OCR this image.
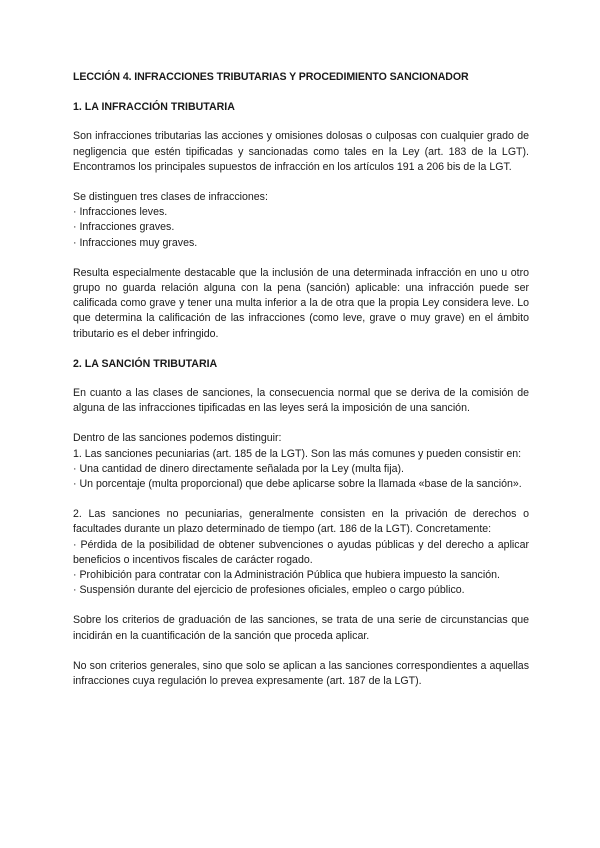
LECCIÓN 4. INFRACCIONES TRIBUTARIAS Y PROCEDIMIENTO SANCIONADOR
1. LA INFRACCIÓN TRIBUTARIA

Son infracciones tributarias las acciones y omisiones dolosas o culposas con cualquier grado de negligencia que estén tipificadas y sancionadas como tales en la Ley (art. 183 de la LGT). Encontramos los principales supuestos de infracción en los artículos 191 a 206 bis de la LGT.

Se distinguen tres clases de infracciones:

· Infracciones leves.

· Infracciones graves.

· Infracciones muy graves.

Resulta especialmente destacable que la inclusión de una determinada infracción en uno u otro grupo no guarda relación alguna con la pena (sanción) aplicable: una infracción puede ser calificada como grave y tener una multa inferior a la de otra que la propia Ley considera leve. Lo que determina la calificación de las infracciones (como leve, grave o muy grave) en el ámbito tributario es el deber infringido.

2. LA SANCIÓN TRIBUTARIA

En cuanto a las clases de sanciones, la consecuencia normal que se deriva de la comisión de alguna de las infracciones tipificadas en las leyes será la imposición de una sanción.

Dentro de las sanciones podemos distinguir:

1. Las sanciones pecuniarias (art. 185 de la LGT). Son las más comunes y pueden consistir en:

· Una cantidad de dinero directamente señalada por la Ley (multa fija).

· Un porcentaje (multa proporcional) que debe aplicarse sobre la llamada «base de la sanción».

2. Las sanciones no pecuniarias, generalmente consisten en la privación de derechos o facultades durante un plazo determinado de tiempo (art. 186 de la LGT). Concretamente:

· Pérdida de la posibilidad de obtener subvenciones o ayudas públicas y del derecho a aplicar beneficios o incentivos fiscales de carácter rogado.

· Prohibición para contratar con la Administración Pública que hubiera impuesto la sanción.

· Suspensión durante del ejercicio de profesiones oficiales, empleo o cargo público.

Sobre los criterios de graduación de las sanciones, se trata de una serie de circunstancias que incidirán en la cuantificación de la sanción que proceda aplicar.

No son criterios generales, sino que solo se aplican a las sanciones correspondientes a aquellas infracciones cuya regulación lo prevea expresamente (art. 187 de la LGT).
